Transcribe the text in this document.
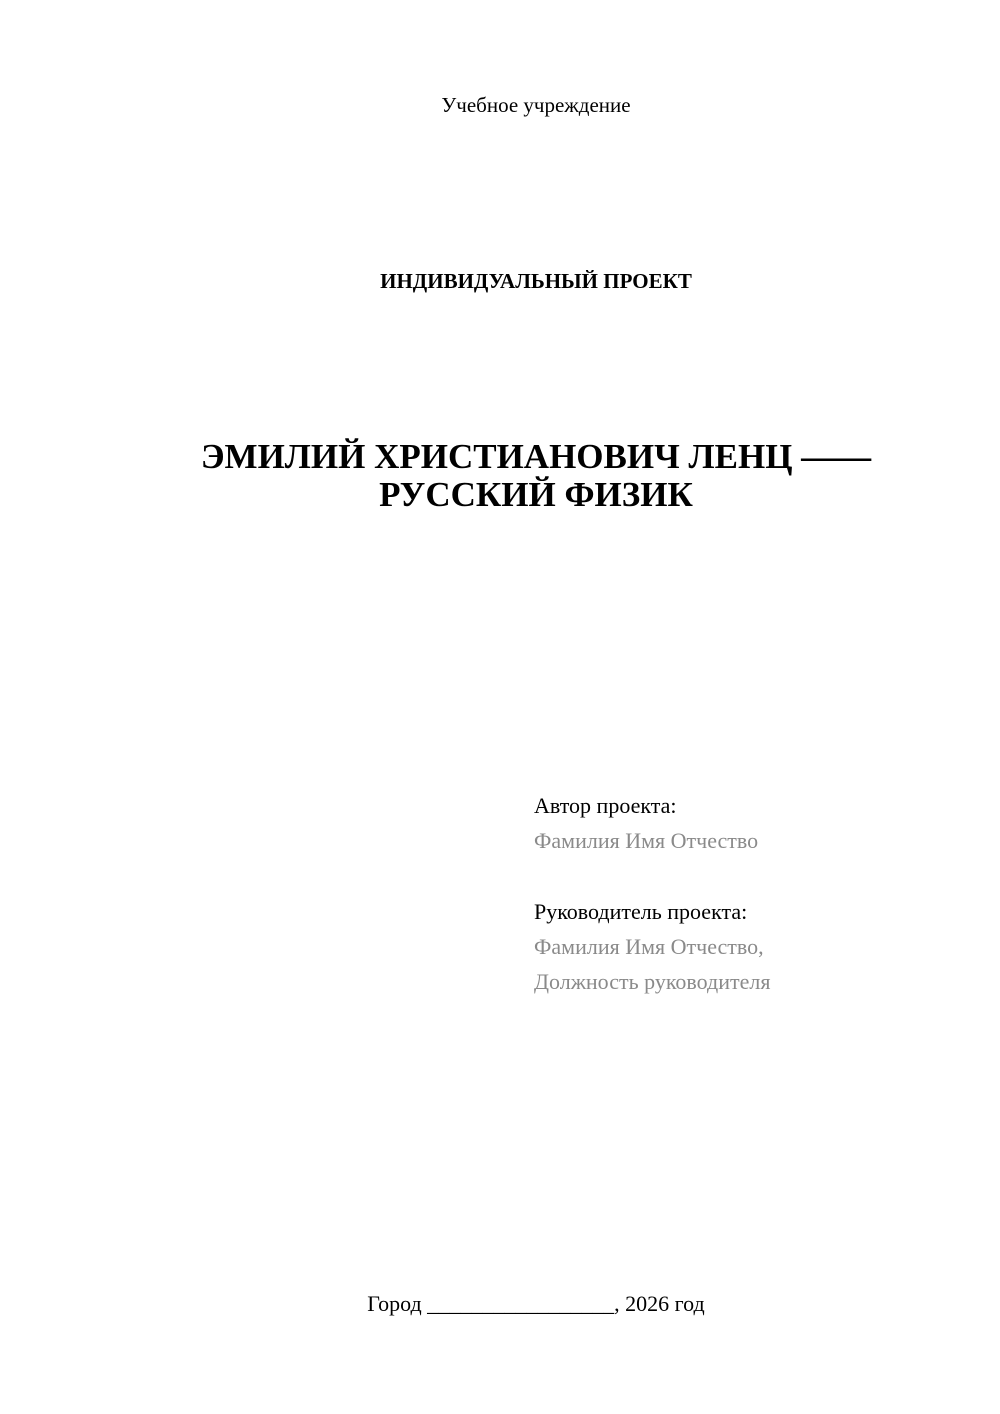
Учебное учреждение
ИНДИВИДУАЛЬНЫЙ ПРОЕКТ
ЭМИЛИЙ ХРИСТИАНОВИЧ ЛЕНЦ ——
РУССКИЙ ФИЗИК
Автор проекта:
Фамилия Имя Отчество
Руководитель проекта:
Фамилия Имя Отчество,
Должность руководителя
Город _________________, 2026 год
